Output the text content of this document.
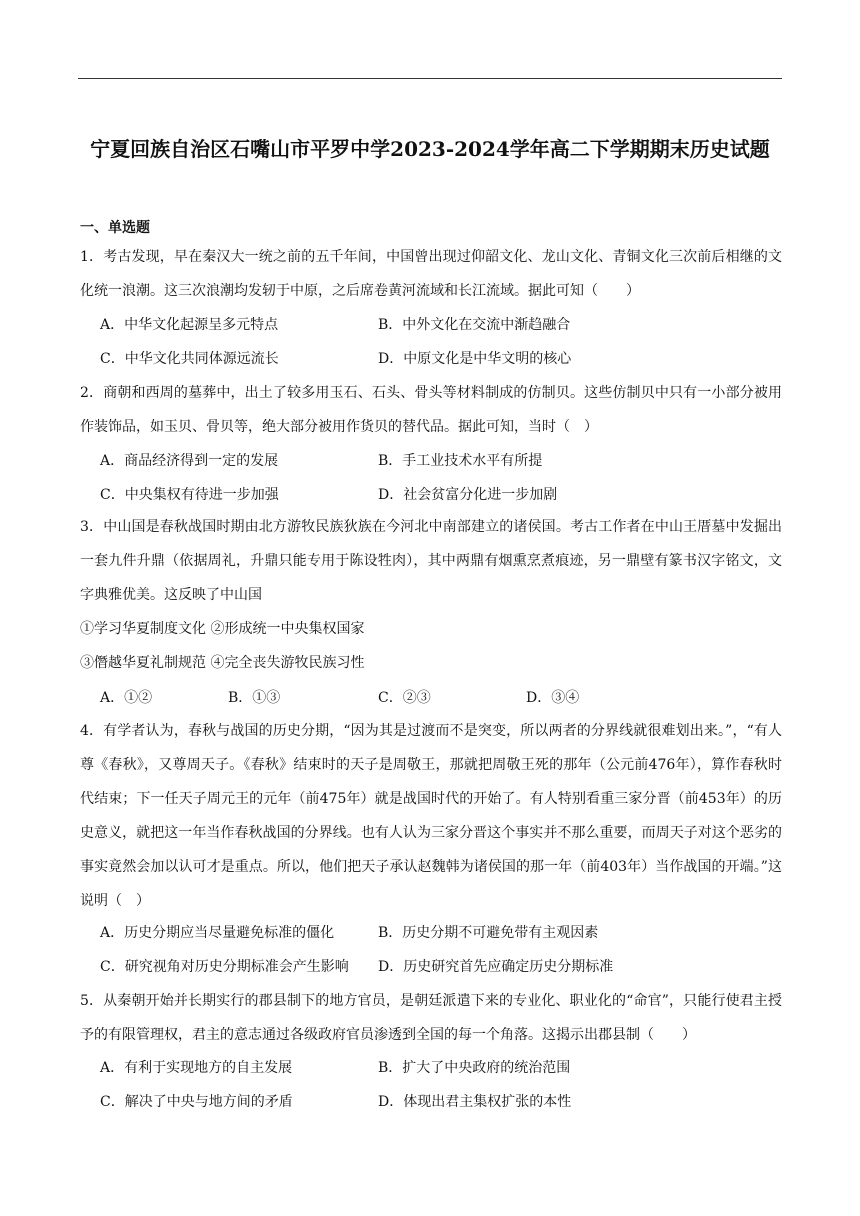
宁夏回族自治区石嘴山市平罗中学2023-2024学年高二下学期期末历史试题
一、单选题
1．考古发现，早在秦汉大一统之前的五千年间，中国曾出现过仰韶文化、龙山文化、青铜文化三次前后相继的文化统一浪潮。这三次浪潮均发轫于中原，之后席卷黄河流域和长江流域。据此可知（　　）
A．中华文化起源呈多元特点	B．中外文化在交流中渐趋融合
C．中华文化共同体源远流长	D．中原文化是中华文明的核心
2．商朝和西周的墓葬中，出土了较多用玉石、石头、骨头等材料制成的仿制贝。这些仿制贝中只有一小部分被用作装饰品，如玉贝、骨贝等，绝大部分被用作货贝的替代品。据此可知，当时（　）
A．商品经济得到一定的发展	B．手工业技术水平有所提
C．中央集权有待进一步加强	D．社会贫富分化进一步加剧
3．中山国是春秋战国时期由北方游牧民族狄族在今河北中南部建立的诸侯国。考古工作者在中山王厝墓中发掘出一套九件升鼎（依据周礼，升鼎只能专用于陈设牲肉），其中两鼎有烟熏烹煮痕迹，另一鼎壁有篆书汉字铭文，文字典雅优美。这反映了中山国
①学习华夏制度文化 ②形成统一中央集权国家
③僭越华夏礼制规范 ④完全丧失游牧民族习性
A．①②	B．①③	C．②③	D．③④
4．有学者认为，春秋与战国的历史分期，“因为其是过渡而不是突变，所以两者的分界线就很难划出来。”，“有人尊《春秋》，又尊周天子。《春秋》结束时的天子是周敬王，那就把周敬王死的那年（公元前476年），算作春秋时代结束；下一任天子周元王的元年（前475年）就是战国时代的开始了。有人特别看重三家分晋（前453年）的历史意义，就把这一年当作春秋战国的分界线。也有人认为三家分晋这个事实并不那么重要，而周天子对这个恶劣的事实竟然会加以认可才是重点。所以，他们把天子承认赵魏韩为诸侯国的那一年（前403年）当作战国的开端。”这说明（　）
A．历史分期应当尽量避免标准的僵化	B．历史分期不可避免带有主观因素
C．研究视角对历史分期标准会产生影响 D．历史研究首先应确定历史分期标准
5．从秦朝开始并长期实行的郡县制下的地方官员，是朝廷派遣下来的专业化、职业化的“命官”，只能行使君主授予的有限管理权，君主的意志通过各级政府官员渗透到全国的每一个角落。这揭示出郡县制（　　）
A．有利于实现地方的自主发展	B．扩大了中央政府的统治范围
C．解决了中央与地方间的矛盾	D．体现出君主集权扩张的本性
